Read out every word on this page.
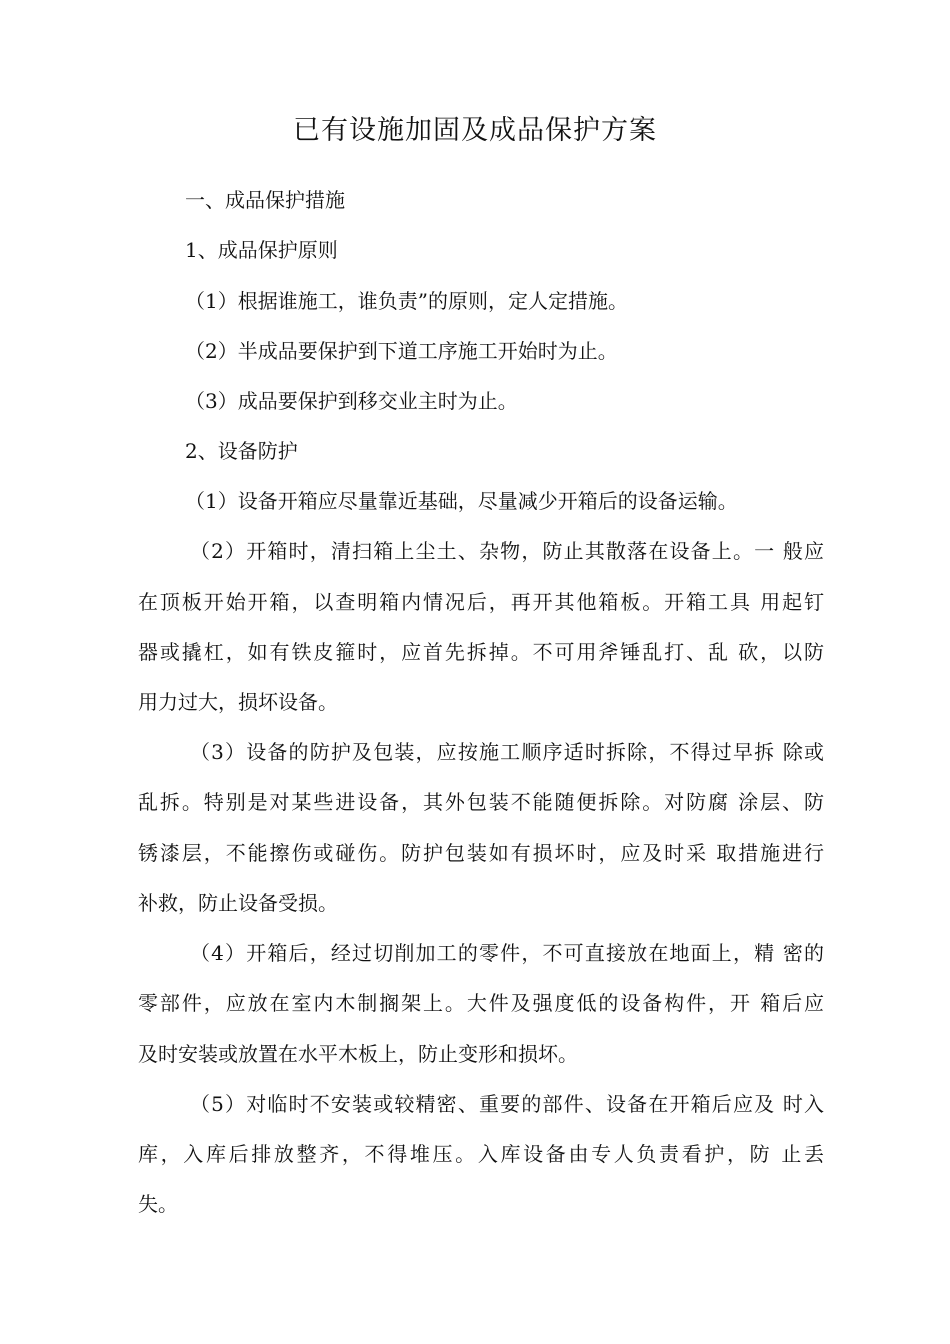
已有设施加固及成品保护方案
一、成品保护措施
1、成品保护原则
（1）根据谁施工，谁负责”的原则，定人定措施。
（2）半成品要保护到下道工序施工开始时为止。
（3）成品要保护到移交业主时为止。
2、设备防护
（1）设备开箱应尽量靠近基础，尽量减少开箱后的设备运输。
（2）开箱时，清扫箱上尘土、杂物，防止其散落在设备上。一 般应
在顶板开始开箱，以查明箱内情况后，再开其他箱板。开箱工具 用起钉
器或撬杠，如有铁皮箍时，应首先拆掉。不可用斧锤乱打、乱 砍，以防
用力过大，损坏设备。
（3）设备的防护及包装，应按施工顺序适时拆除，不得过早拆 除或
乱拆。特别是对某些进设备，其外包装不能随便拆除。对防腐 涂层、防
锈漆层，不能擦伤或碰伤。防护包装如有损坏时，应及时采 取措施进行
补救，防止设备受损。
（4）开箱后，经过切削加工的零件，不可直接放在地面上，精 密的
零部件，应放在室内木制搁架上。大件及强度低的设备构件，开 箱后应
及时安装或放置在水平木板上，防止变形和损坏。
（5）对临时不安装或较精密、重要的部件、设备在开箱后应及 时入
库，入库后排放整齐，不得堆压。入库设备由专人负责看护，防 止丢
失。
